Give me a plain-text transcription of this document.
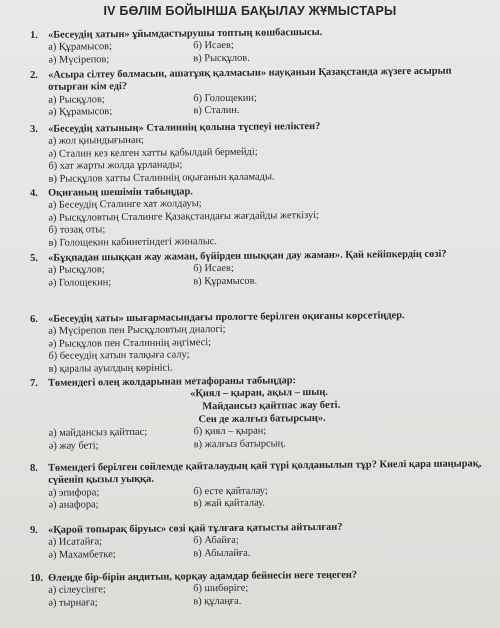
IV БӨЛІМ БОЙЫНША БАҚЫЛАУ ЖҰМЫСТАРЫ
1. «Бесеудің хатын» ұйымдастырушы топтың көшбасшысы.
а) Құрамысов;	б) Исаев;
ә) Мүсірепов;	в) Рысқұлов.
2. «Асыра сілтеу болмасын, ашатұяқ қалмасын» науқанын Қазақстанда жүзеге асырып отырған кім еді?
а) Рысқұлов;	б) Голощекин;
ә) Құрамысов;	в) Сталин.
3. «Бесеудің хатының» Сталиннің қолына түспеуі нелiктен?
а) жол қиындығынан;
ә) Сталин кез келген хатты қабылдай бермейді;
б) хат жарты жолда ұрланады;
в) Рысқұлов хатты Сталиннің оқығанын қаламады.
4. Оқиғаның шешімін табыңдар.
а) Бесеудің Сталинге хат жолдауы;
ә) Рысқұловтың Сталинге Қазақстандағы жағдайды жеткізуі;
б) тозақ оты;
в) Голощекин кабинетіндегі жиналыс.
5. «Бұқпадан шыққан жау жаман, бүйірден шыққан дау жаман». Қай кейіпкердің сөзі?
а) Рысқұлов;	б) Исаев;
ә) Голощекин;	в) Құрамысов.
6. «Бесеудің хаты» шығармасындағы прологте берілген оқиғаны көрсетіңдер.
а) Мүсірепов пен Рысқұловтың диалогі;
ә) Рысқұлов пен Сталиннің әңгімесі;
б) бесеудің хатын талқыға салу;
в) қаралы ауылдың көрінісі.
7. Төмендегі өлең жолдарынан метафораны табыңдар:
«Қиял – қыран, ақыл – шың.
Майдансыз қайтпас жау беті.
Сен де жалғыз батырсың».
а) майдансыз қайтпас;	б) қиял – қыран;
ә) жау беті;	в) жалғыз батырсың.
8. Төмендегі берілген сөйлемде қайталаудың қай түрі қолданылып тұр? Киелі қара шаңырақ, сүйеніп қызыл уыққа.
а) эпифора;	б) есте қайталау;
ә) анафора;	в) жай қайталау.
9. «Қарой топырақ біруыс» сөзі қай тұлғаға қатысты айтылған?
а) Исатайға;	б) Абайға;
ә) Махамбетке;	в) Абылайға.
10. Өлеңде бір-бірін аңдитын, қорқау адамдар бейнесін неге теңеген?
а) сілеусінге;	б) шибөріге;
ә) тырнаға;	в) құлаңға.
